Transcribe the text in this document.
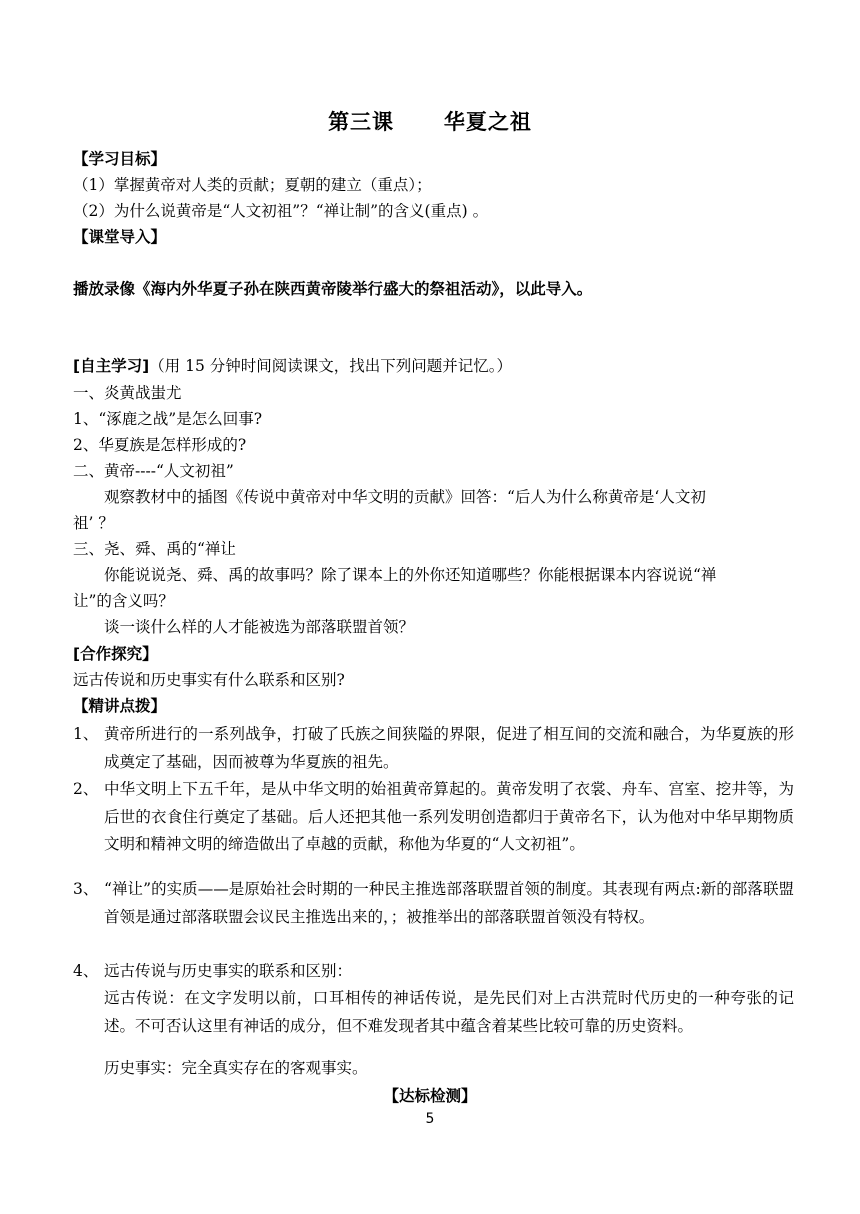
第三课      华夏之祖
【学习目标】
（1）掌握黄帝对人类的贡献；夏朝的建立（重点）；
（2）为什么说黄帝是“人文初祖”？“禅让制”的含义(重点) 。
【课堂导入】
播放录像《海内外华夏子孙在陕西黄帝陵举行盛大的祭祖活动》，以此导入。
[自主学习]（用 15 分钟时间阅读课文，找出下列问题并记忆。）
一、炎黄战蚩尤
1、“涿鹿之战”是怎么回事?
2、华夏族是怎样形成的?
二、黄帝----“人文初祖”
观察教材中的插图《传说中黄帝对中华文明的贡献》回答：“后人为什么称黄帝是‘人文初
祖’ ？
三、尧、舜、禹的“禅让
你能说说尧、舜、禹的故事吗？除了课本上的外你还知道哪些？你能根据课本内容说说“禅
让”的含义吗？
谈一谈什么样的人才能被选为部落联盟首领？
[合作探究】
远古传说和历史事实有什么联系和区别?
【精讲点拨】
1、 黄帝所进行的一系列战争，打破了氏族之间狭隘的界限，促进了相互间的交流和融合，为华夏族的形成奠定了基础，因而被尊为华夏族的祖先。
2、 中华文明上下五千年，是从中华文明的始祖黄帝算起的。黄帝发明了衣裳、舟车、宫室、挖井等，为后世的衣食住行奠定了基础。后人还把其他一系列发明创造都归于黄帝名下，认为他对中华早期物质文明和精神文明的缔造做出了卓越的贡献，称他为华夏的“人文初祖”。
3、 “禅让”的实质——是原始社会时期的一种民主推选部落联盟首领的制度。其表现有两点:新的部落联盟首领是通过部落联盟会议民主推选出来的，；被推举出的部落联盟首领没有特权。
4、 远古传说与历史事实的联系和区别：
远古传说：在文字发明以前，口耳相传的神话传说，是先民们对上古洪荒时代历史的一种夸张的记述。不可否认这里有神话的成分，但不难发现者其中蕴含着某些比较可靠的历史资料。
历史事实：完全真实存在的客观事实。
【达标检测】
5
